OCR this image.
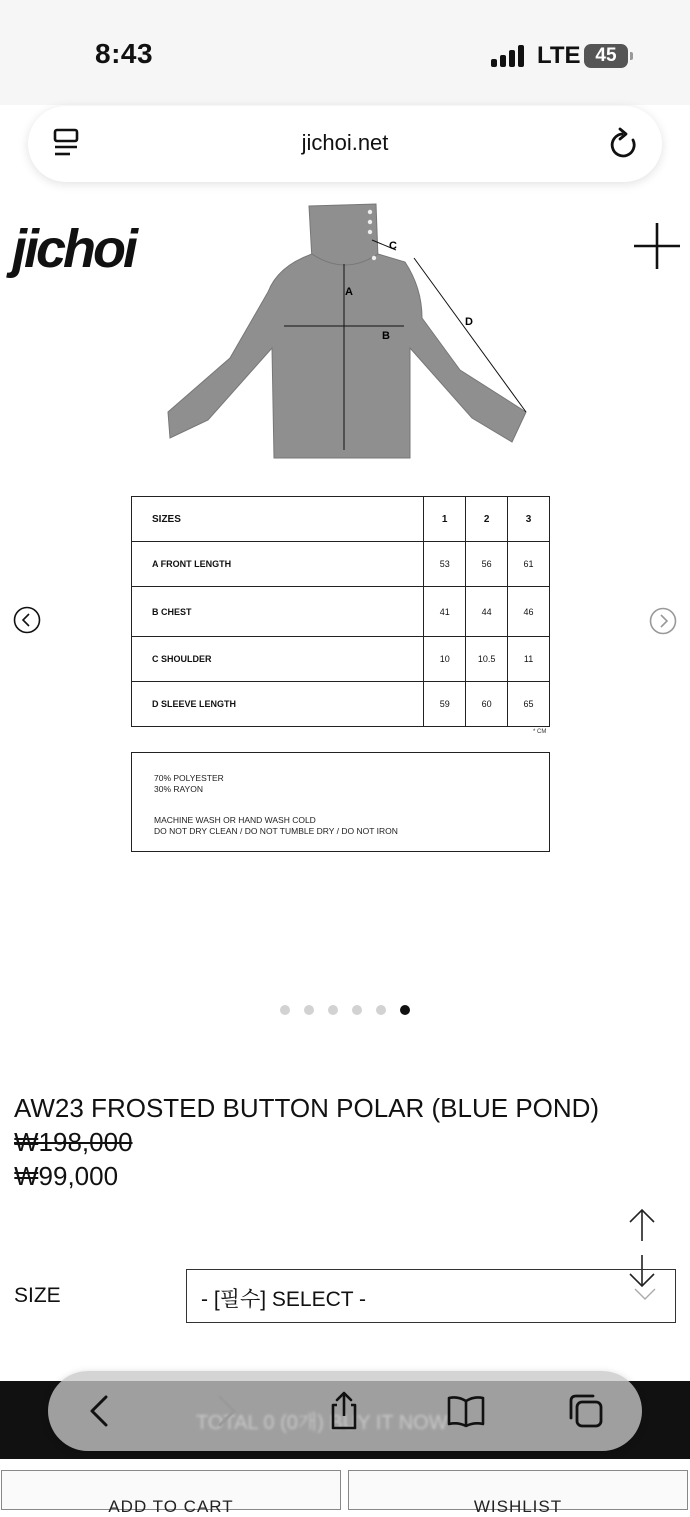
8:43	LTE 45
jichoi.net
jichoi
A
B
C
D
SIZES	1	2	3
A FRONT LENGTH	53	56	61
B CHEST	41	44	46
C SHOULDER	10	10.5	11
D SLEEVE LENGTH	59	60	65
* CM

70% POLYESTER
30% RAYON

MACHINE WASH OR HAND WASH COLD
DO NOT DRY CLEAN / DO NOT TUMBLE DRY / DO NOT IRON

AW23 FROSTED BUTTON POLAR (BLUE POND)
₩198,000
₩99,000
SIZE	- [필수] SELECT -
ADD TO CART	WISHLIST
